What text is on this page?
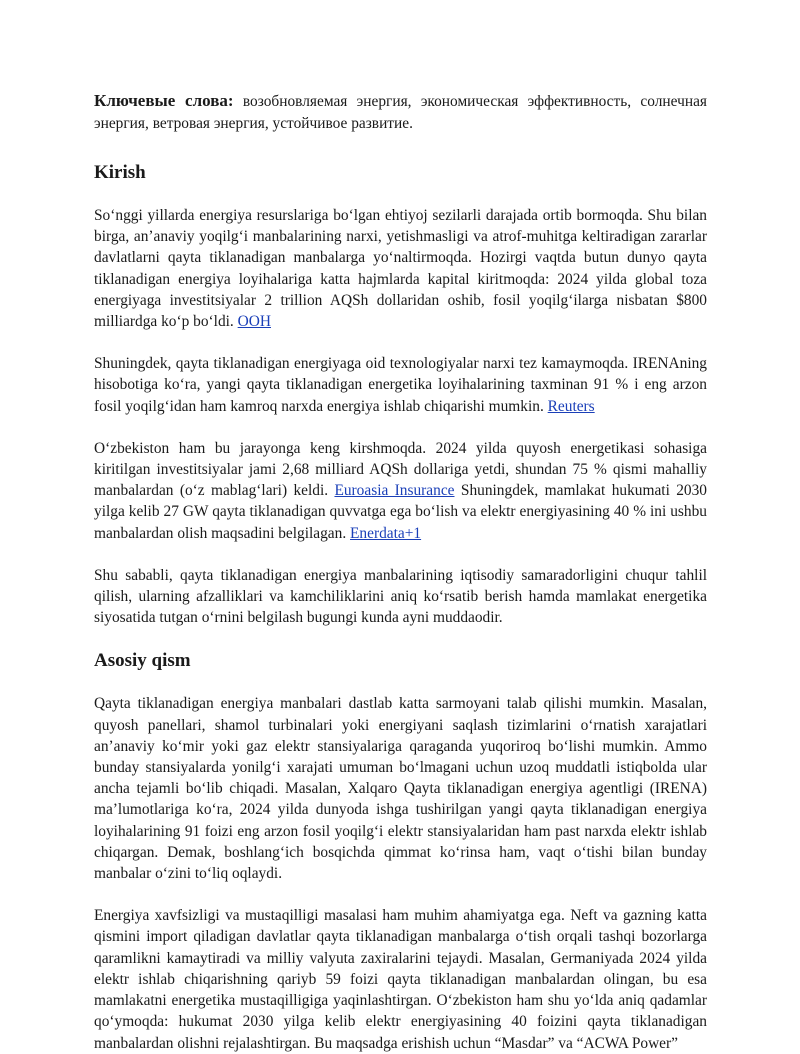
Ключевые слова: возобновляемая энергия, экономическая эффективность, солнечная энергия, ветровая энергия, устойчивое развитие.

Kirish

So‘nggi yillarda energiya resurslariga bo‘lgan ehtiyoj sezilarli darajada ortib bormoqda. Shu bilan birga, an’anaviy yoqilg‘i manbalarining narxi, yetishmasligi va atrof-muhitga keltiradigan zararlar davlatlarni qayta tiklanadigan manbalarga yo‘naltirmoqda. Hozirgi vaqtda butun dunyo qayta tiklanadigan energiya loyihalariga katta hajmlarda kapital kiritmoqda: 2024 yilda global toza energiyaga investitsiyalar 2 trillion AQSh dollaridan oshib, fosil yoqilg‘ilarga nisbatan $800 milliardga ko‘p bo‘ldi. OOH

Shuningdek, qayta tiklanadigan energiyaga oid texnologiyalar narxi tez kamaymoqda. IRENAning hisobotiga ko‘ra, yangi qayta tiklanadigan energetika loyihalarining taxminan 91 % i eng arzon fosil yoqilg‘idan ham kamroq narxda energiya ishlab chiqarishi mumkin. Reuters

O‘zbekiston ham bu jarayonga keng kirshmoqda. 2024 yilda quyosh energetikasi sohasiga kiritilgan investitsiyalar jami 2,68 milliard AQSh dollariga yetdi, shundan 75 % qismi mahalliy manbalardan (o‘z mablag‘lari) keldi. Euroasia Insurance Shuningdek, mamlakat hukumati 2030 yilga kelib 27 GW qayta tiklanadigan quvvatga ega bo‘lish va elektr energiyasining 40 % ini ushbu manbalardan olish maqsadini belgilagan. Enerdata+1

Shu sababli, qayta tiklanadigan energiya manbalarining iqtisodiy samaradorligini chuqur tahlil qilish, ularning afzalliklari va kamchiliklarini aniq ko‘rsatib berish hamda mamlakat energetika siyosatida tutgan o‘rnini belgilash bugungi kunda ayni muddaodir.

Asosiy qism

Qayta tiklanadigan energiya manbalari dastlab katta sarmoyani talab qilishi mumkin. Masalan, quyosh panellari, shamol turbinalari yoki energiyani saqlash tizimlarini o‘rnatish xarajatlari an’anaviy ko‘mir yoki gaz elektr stansiyalariga qaraganda yuqoriroq bo‘lishi mumkin. Ammo bunday stansiyalarda yonilg‘i xarajati umuman bo‘lmagani uchun uzoq muddatli istiqbolda ular ancha tejamli bo‘lib chiqadi. Masalan, Xalqaro Qayta tiklanadigan energiya agentligi (IRENA) ma’lumotlariga ko‘ra, 2024 yilda dunyoda ishga tushirilgan yangi qayta tiklanadigan energiya loyihalarining 91 foizi eng arzon fosil yoqilg‘i elektr stansiyalaridan ham past narxda elektr ishlab chiqargan. Demak, boshlang‘ich bosqichda qimmat ko‘rinsa ham, vaqt o‘tishi bilan bunday manbalar o‘zini to‘liq oqlaydi.

Energiya xavfsizligi va mustaqilligi masalasi ham muhim ahamiyatga ega. Neft va gazning katta qismini import qiladigan davlatlar qayta tiklanadigan manbalarga o‘tish orqali tashqi bozorlarga qaramlikni kamaytiradi va milliy valyuta zaxiralarini tejaydi. Masalan, Germaniyada 2024 yilda elektr ishlab chiqarishning qariyb 59 foizi qayta tiklanadigan manbalardan olingan, bu esa mamlakatni energetika mustaqilligiga yaqinlashtirgan. O‘zbekiston ham shu yo‘lda aniq qadamlar qo‘ymoqda: hukumat 2030 yilga kelib elektr energiyasining 40 foizini qayta tiklanadigan manbalardan olishni rejalashtirgan. Bu maqsadga erishish uchun “Masdar” va “ACWA Power”
